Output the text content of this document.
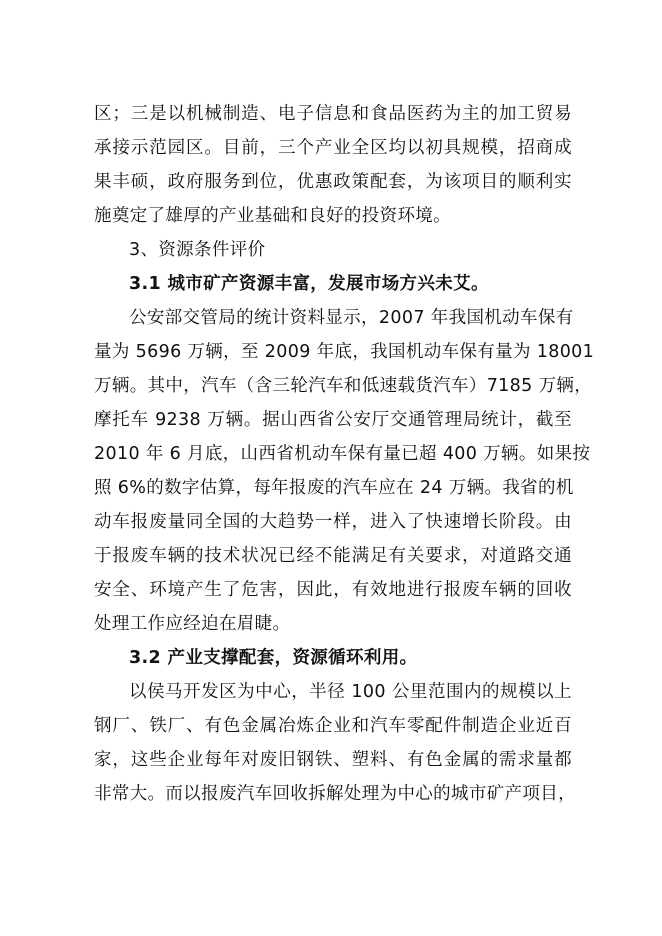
区；三是以机械制造、电子信息和食品医药为主的加工贸易
承接示范园区。目前，三个产业全区均以初具规模，招商成
果丰硕，政府服务到位，优惠政策配套，为该项目的顺利实
施奠定了雄厚的产业基础和良好的投资环境。
3、资源条件评价
3.1 城市矿产资源丰富，发展市场方兴未艾。
公安部交管局的统计资料显示，2007 年我国机动车保有
量为 5696 万辆，至 2009 年底，我国机动车保有量为 18001
万辆。其中，汽车（含三轮汽车和低速载货汽车）7185 万辆，
摩托车 9238 万辆。据山西省公安厅交通管理局统计，截至
2010 年 6 月底，山西省机动车保有量已超 400 万辆。如果按
照 6%的数字估算，每年报废的汽车应在 24 万辆。我省的机
动车报废量同全国的大趋势一样，进入了快速增长阶段。由
于报废车辆的技术状况已经不能满足有关要求，对道路交通
安全、环境产生了危害，因此，有效地进行报废车辆的回收
处理工作应经迫在眉睫。
3.2 产业支撑配套，资源循环利用。
以侯马开发区为中心，半径 100 公里范围内的规模以上
钢厂、铁厂、有色金属冶炼企业和汽车零配件制造企业近百
家，这些企业每年对废旧钢铁、塑料、有色金属的需求量都
非常大。而以报废汽车回收拆解处理为中心的城市矿产项目，
